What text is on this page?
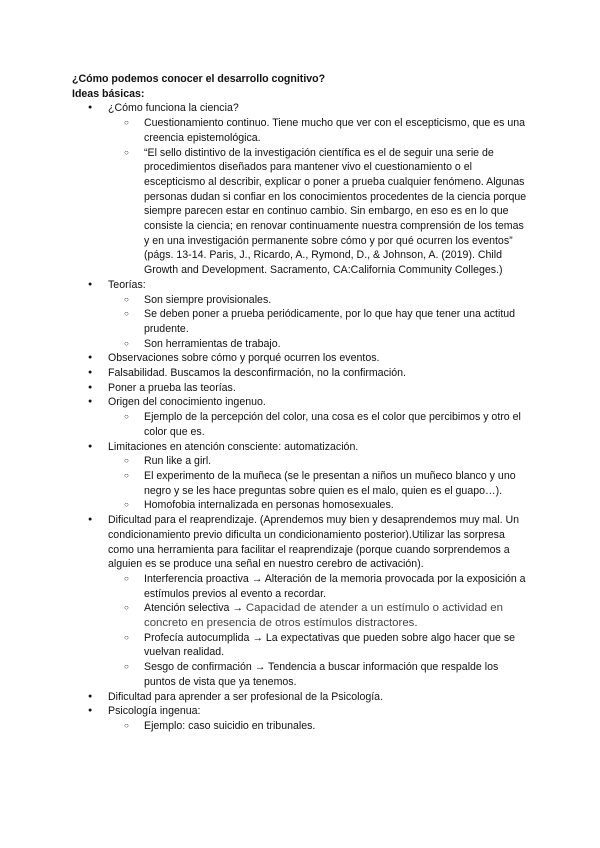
¿Cómo podemos conocer el desarrollo cognitivo?

Ideas básicas:

● ¿Cómo funciona la ciencia?
○ Cuestionamiento continuo. Tiene mucho que ver con el escepticismo, que es una creencia epistemológica.
○ “El sello distintivo de la investigación científica es el de seguir una serie de procedimientos diseñados para mantener vivo el cuestionamiento o el escepticismo al describir, explicar o poner a prueba cualquier fenómeno. Algunas personas dudan si confiar en los conocimientos procedentes de la ciencia porque siempre parecen estar en continuo cambio. Sin embargo, en eso es en lo que consiste la ciencia; en renovar continuamente nuestra comprensión de los temas y en una investigación permanente sobre cómo y por qué ocurren los eventos” (págs. 13-14. Paris, J., Ricardo, A., Rymond, D., & Johnson, A. (2019). Child Growth and Development. Sacramento, CA:California Community Colleges.)
● Teorías:
○ Son siempre provisionales.
○ Se deben poner a prueba periódicamente, por lo que hay que tener una actitud prudente.
○ Son herramientas de trabajo.
● Observaciones sobre cómo y porqué ocurren los eventos.
● Falsabilidad. Buscamos la desconfirmación, no la confirmación.
● Poner a prueba las teorías.
● Origen del conocimiento ingenuo.
○ Ejemplo de la percepción del color, una cosa es el color que percibimos y otro el color que es.
● Limitaciones en atención consciente: automatización.
○ Run like a girl.
○ El experimento de la muñeca (se le presentan a niños un muñeco blanco y uno negro y se les hace preguntas sobre quien es el malo, quien es el guapo…).
○ Homofobia internalizada en personas homosexuales.
● Dificultad para el reaprendizaje. (Aprendemos muy bien y desaprendemos muy mal. Un condicionamiento previo dificulta un condicionamiento posterior).Utilizar las sorpresa como una herramienta para facilitar el reaprendizaje (porque cuando sorprendemos a alguien es se produce una señal en nuestro cerebro de activación).
○ Interferencia proactiva → Alteración de la memoria provocada por la exposición a estímulos previos al evento a recordar.
○ Atención selectiva → Capacidad de atender a un estímulo o actividad en concreto en presencia de otros estímulos distractores.
○ Profecía autocumplida → La expectativas que pueden sobre algo hacer que se vuelvan realidad.
○ Sesgo de confirmación → Tendencia a buscar información que respalde los puntos de vista que ya tenemos.
● Dificultad para aprender a ser profesional de la Psicología.
● Psicología ingenua:
○ Ejemplo: caso suicidio en tribunales.
